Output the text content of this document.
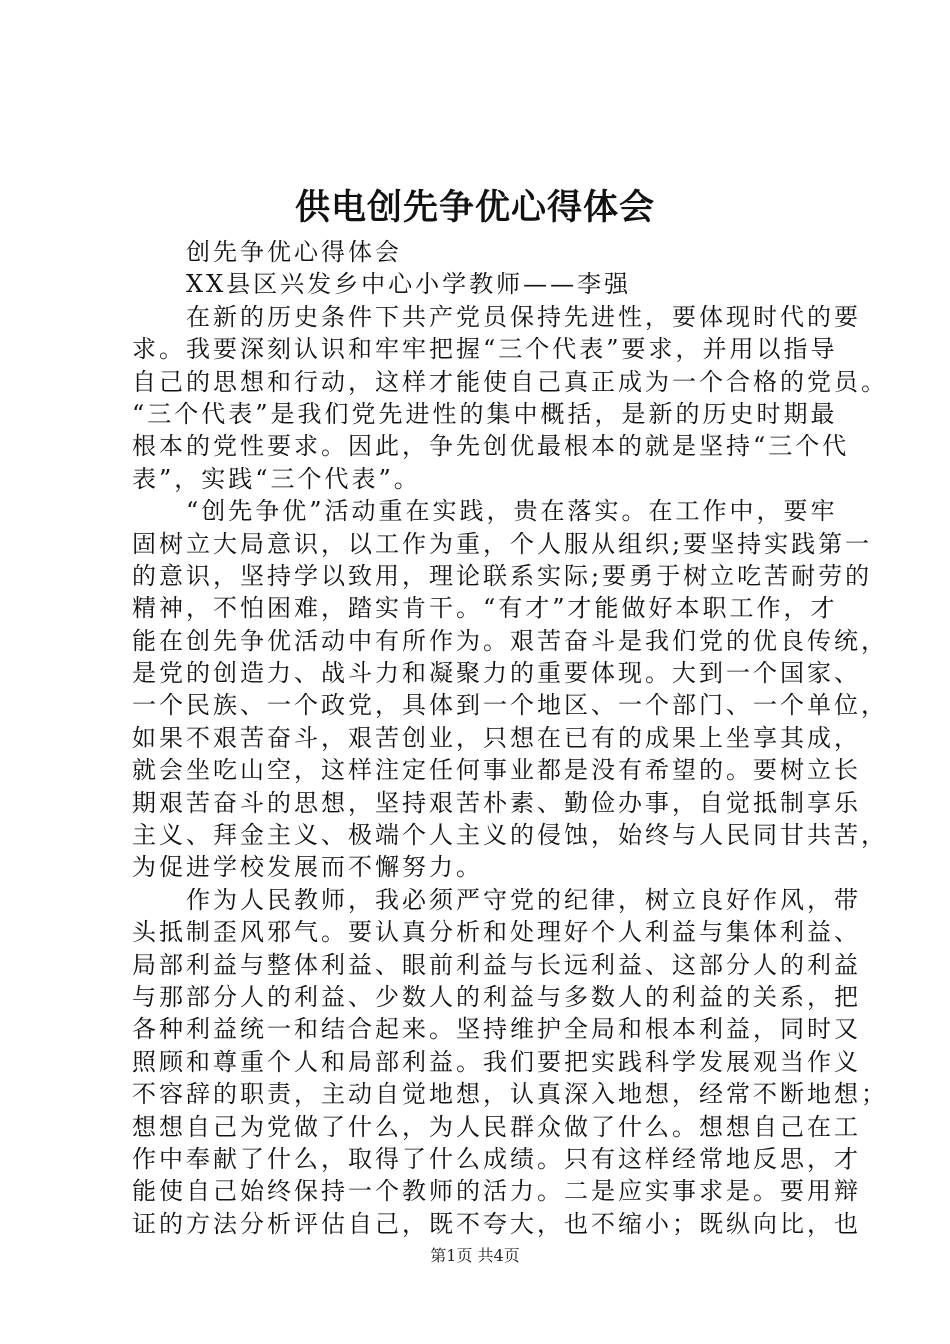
供电创先争优心得体会
　　创先争优心得体会
　　XX县区兴发乡中心小学教师——李强
　　在新的历史条件下共产党员保持先进性，要体现时代的要
求。我要深刻认识和牢牢把握“三个代表”要求，并用以指导
自己的思想和行动，这样才能使自己真正成为一个合格的党员。
“三个代表”是我们党先进性的集中概括，是新的历史时期最
根本的党性要求。因此，争先创优最根本的就是坚持“三个代
表”，实践“三个代表”。
　　“创先争优”活动重在实践，贵在落实。在工作中，要牢
固树立大局意识，以工作为重，个人服从组织;要坚持实践第一
的意识，坚持学以致用，理论联系实际;要勇于树立吃苦耐劳的
精神，不怕困难，踏实肯干。“有才”才能做好本职工作，才
能在创先争优活动中有所作为。艰苦奋斗是我们党的优良传统，
是党的创造力、战斗力和凝聚力的重要体现。大到一个国家、
一个民族、一个政党，具体到一个地区、一个部门、一个单位，
如果不艰苦奋斗，艰苦创业，只想在已有的成果上坐享其成，
就会坐吃山空，这样注定任何事业都是没有希望的。要树立长
期艰苦奋斗的思想，坚持艰苦朴素、勤俭办事，自觉抵制享乐
主义、拜金主义、极端个人主义的侵蚀，始终与人民同甘共苦，
为促进学校发展而不懈努力。
　　作为人民教师，我必须严守党的纪律，树立良好作风，带
头抵制歪风邪气。要认真分析和处理好个人利益与集体利益、
局部利益与整体利益、眼前利益与长远利益、这部分人的利益
与那部分人的利益、少数人的利益与多数人的利益的关系，把
各种利益统一和结合起来。坚持维护全局和根本利益，同时又
照顾和尊重个人和局部利益。我们要把实践科学发展观当作义
不容辞的职责，主动自觉地想，认真深入地想，经常不断地想；
想想自己为党做了什么，为人民群众做了什么。想想自己在工
作中奉献了什么，取得了什么成绩。只有这样经常地反思，才
能使自己始终保持一个教师的活力。二是应实事求是。要用辩
证的方法分析评估自己，既不夸大，也不缩小；既纵向比，也
第1页 共4页
